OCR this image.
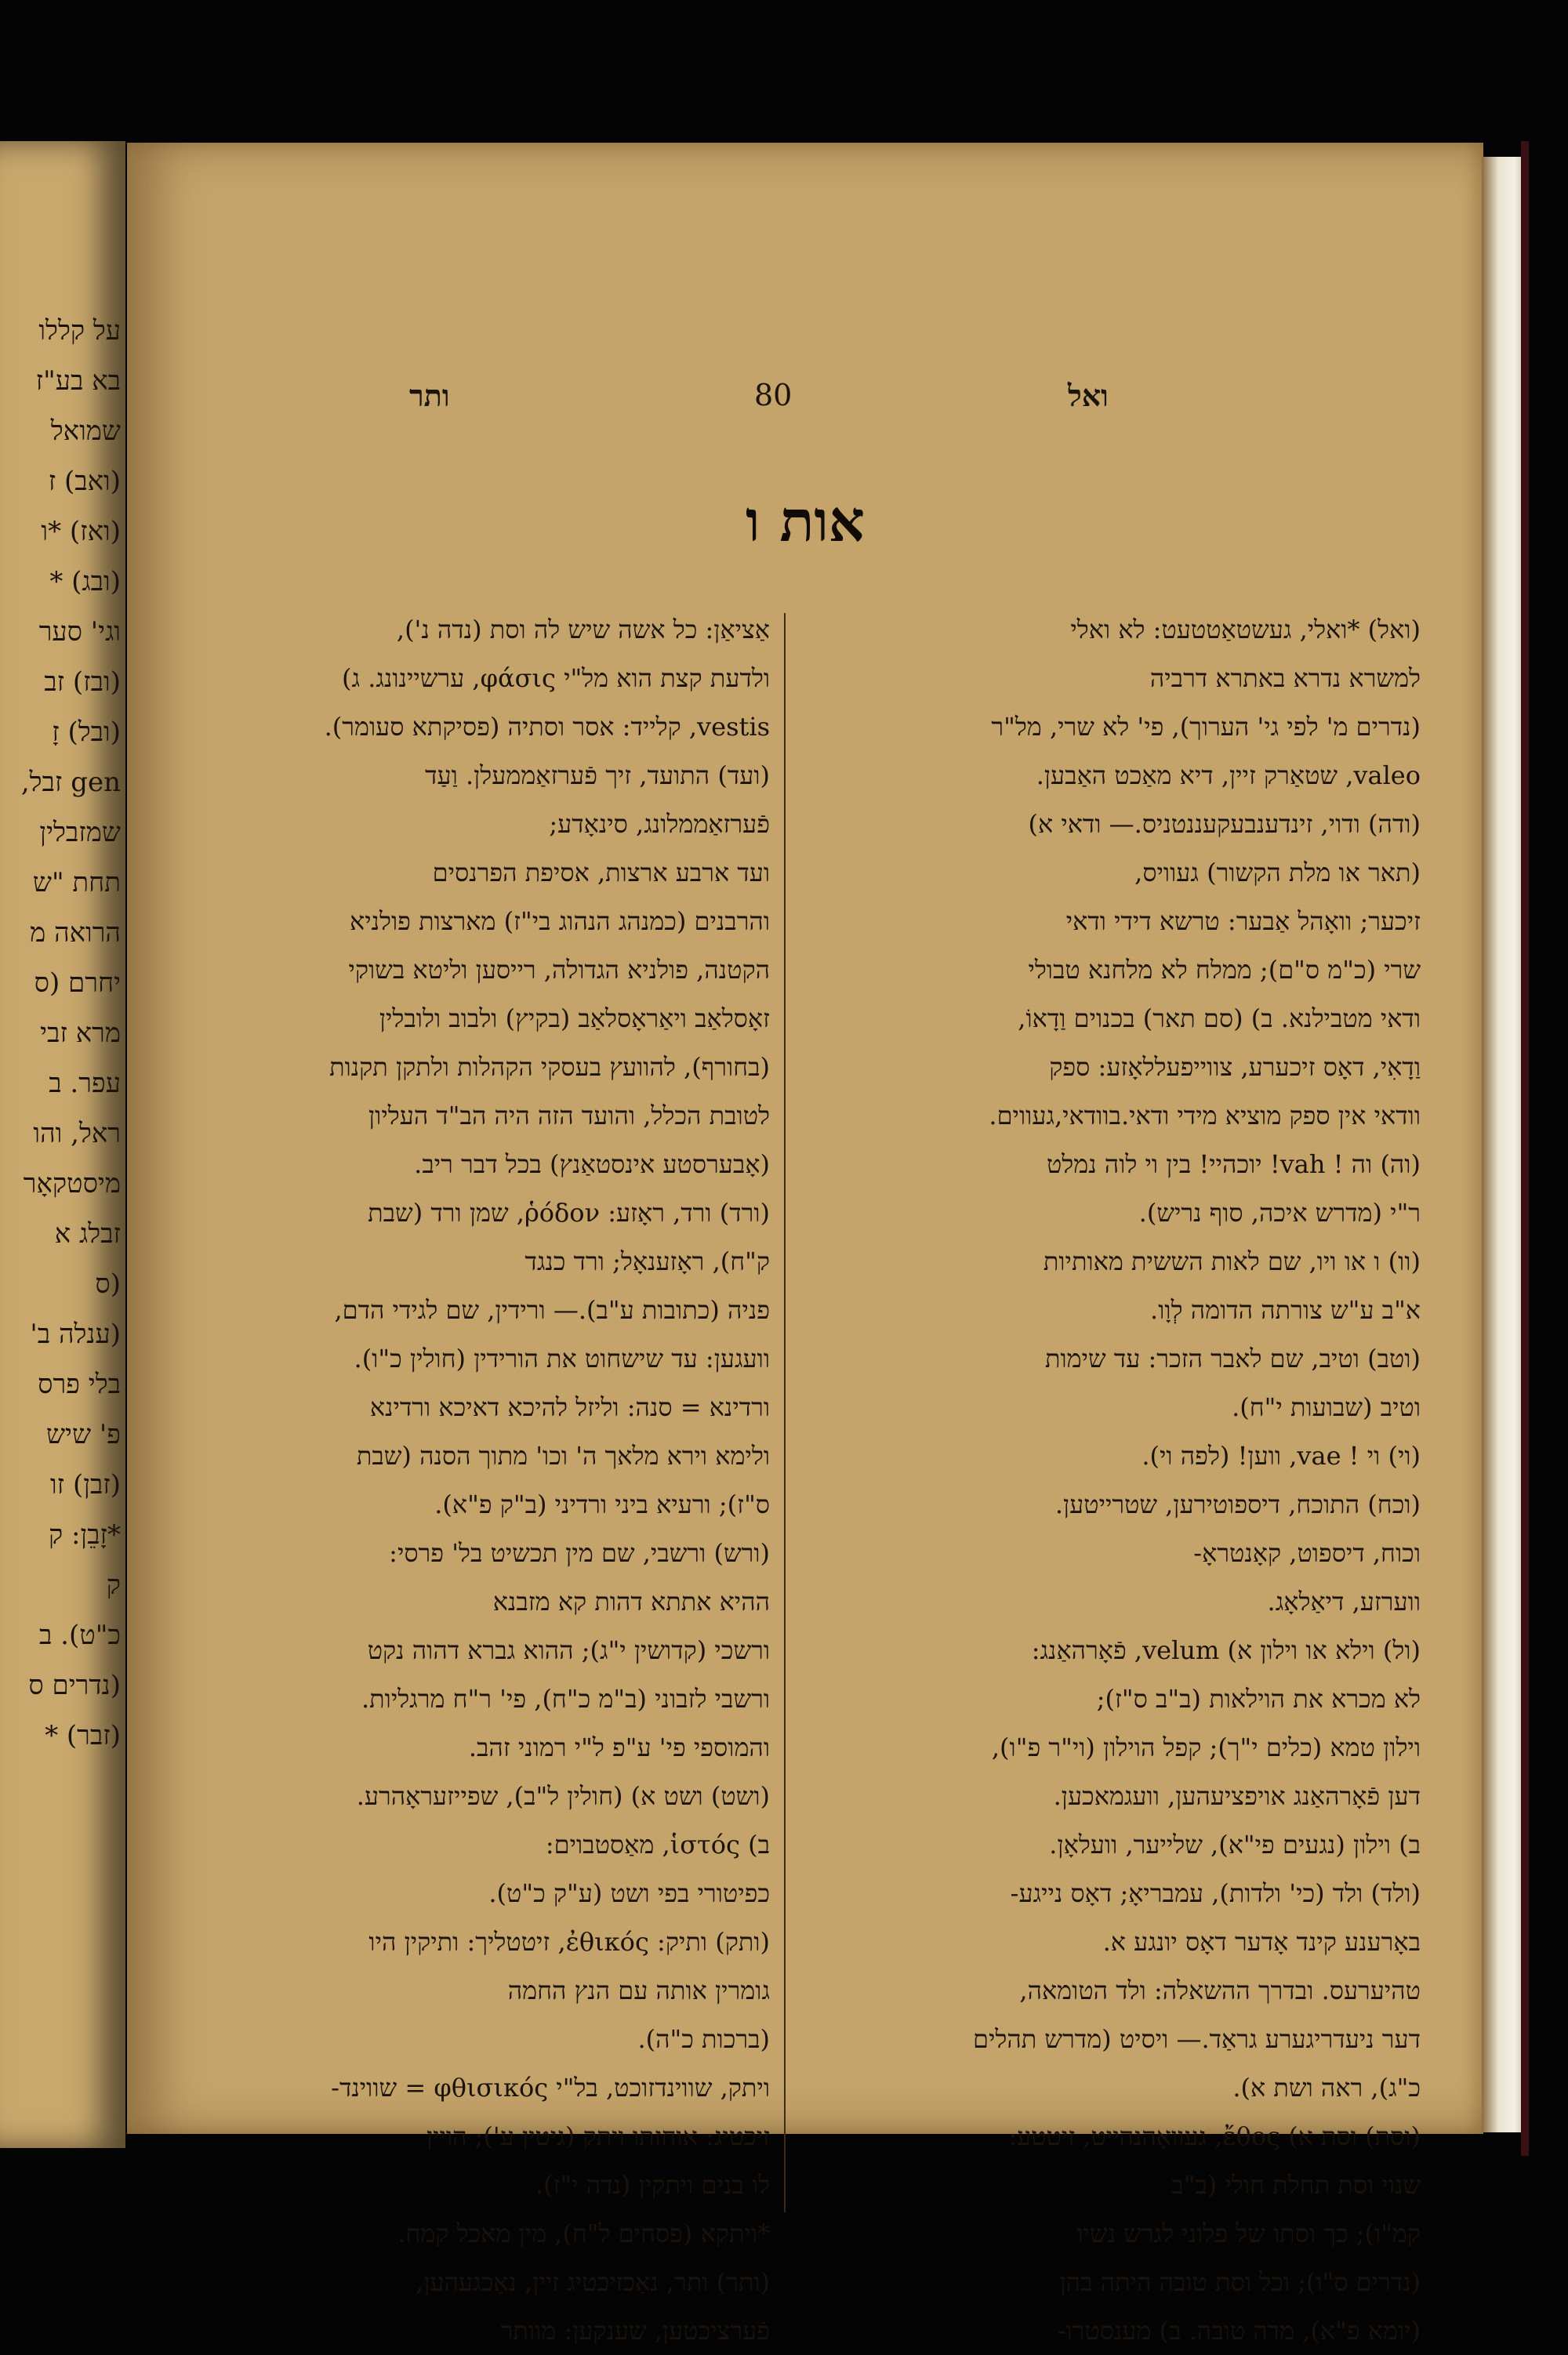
על קללו
בא בע"ז
שמואל
(ואב) ז
(ואז) *ו
(ובג) *
וגי' סער
(ובז) זב
(ובל) זָ
gen זבל,
שמזבלין
תחת "ש
הרואה מ
יחרם (ס
מרא זבי
עפר. ב
ראל, והו
מיסטקאָר
זבלג א
(ס
(ענלה ב'
בלי פרס
פ' שיש
(זבן) זו
*זָבֵן: ק
ק
כ"ט). ב
(נדרים ס
(זבר) *
ותר	80	ואל
אות ו

(ואל) *ואלי, געשטאַטטעט: לא ואלי

למשרא נדרא באתרא דרביה

(נדרים מ' לפי גי' הערוך), פי' לא שרי, מל"ר

valeo, שטאַרק זיין, דיא מאַכט האַבען.

(ודה) ודוי, זינדענבעקעננטניס.— ודאי א)

(תאר או מלת הקשור) געוויס,

זיכער; וואָהל אַבער: טרשא דידי ודאי

שרי (כ"מ ס"ם); ממלח לא מלחנא טבולי

ודאי מטבילנא. ב) (סם תאר) בכנוים וַדָאוֹ,

וַדָאִי, דאָס זיכערע, צווייפעללאָזע: ספק

וודאי אין ספק מוציא מידי ודאי.בוודאי,געווים.

(וה) וה ! vah! יוכהיי! בין וי לוה נמלט

ר"י (מדרש איכה, סוף נריש).

(וו) ו או ויו, שם לאות הששית מאותיות

א"ב ע"ש צורתה הדומה לְוָו.

(וטב) וטיב, שם לאבר הזכר: עד שימות

וטיב (שבועות י"ח).

(וי) וי ! vae, ווען! (לפה וי).

(וכח) התוכח, דיספוטירען, שטרייטען.

וכוח, דיספוט, קאָנטראָ-

ווערזע, דיאַלאָג.

(ול) וילא או וילון א) velum, פֿאָרהאַנג:

לא מכרא את הוילאות (ב"ב ס"ז);

וילון טמא (כלים י"ך); קפל הוילון (וי"ר פ"ו),

דען פֿאָרהאַנג אויפציעהען, וועגמאכען.

ב) וילון (נגעים פי"א), שלייער, וועלאָן.

(ולד) ולד (כי' ולדות), עמבריאָ; דאָס נייגע-

באָרענע קינד אָדער דאָס יונגע א.

טהיערעס. ובדרך ההשאלה: ולד הטומאה,

דער ניעדריגערע גראַד.— ויסיט (מדרש תהלים

כ"ג), ראה ושת א).

(וסת) וסת א) ἔθος, געוואָהנהייט, זיטטע:

שנוי וסת תחלת חולי (ב"ב

קמ"ו); כך וסתו של פלוני לגרש נשיו

(נדרים ס"ו); וכל וסת טובה היתה בהן

(יומא פ"א), מדה טובה. ב) מענסטרו-

אַציאַן: כל אשה שיש לה וסת (נדה נ'),

ולדעת קצת הוא מל"י φάσις, ערשיינונג. ג)

vestis, קלייד: אסר וסתיה (פסיקתא סעומר).

(ועד) התועד, זיך פֿערזאַממעלן. וַעַד

פֿערזאַממלונג, סינאָדע;

ועד ארבע ארצות, אסיפת הפרנסים

והרבנים (כמנהג הנהוג בי"ז) מארצות פולניא

הקטנה, פולניא הגדולה, רייסען וליטא בשוקי

זאָסלאַב ויאַראָסלאַב (בקיץ) ולבוב ולובלין

(בחורף), להוועץ בעסקי הקהלות ולתקן תקנות

לטובת הכלל, והועד הזה היה הב"ד העליון

(אָבערסטע אינסטאַנץ) בכל דבר ריב.

(ורד) ורד, ראָזע: ῥόδον, שמן ורד (שבת

ק"ח), ראָזענאָל; ורד כנגד

פניה (כתובות ע"ב).— ורידין, שם לגידי הדם,

וועגען: עד שישחוט את הורידין (חולין כ"ו).

ורדינא = סנה: וליזל להיכא דאיכא ורדינא

ולימא וירא מלאך ה' וכו' מתוך הסנה (שבת

ס"ז); ורעיא ביני ורדיני (ב"ק פ"א).

(ורש) ורשבי, שם מין תכשיט בל' פרסי:

ההיא אתתא דהות קא מזבנא

ורשכי (קדושין י"ג); ההוא גברא דהוה נקט

ורשבי לזבוני (ב"מ כ"ח), פי' ר"ח מרגליות.

והמוספי פי' ע"פ ל"י רמוני זהב.

(ושט) ושט א) (חולין ל"ב), שפייזעראָהרע.

ב) ἱστός, מאַסטבוים:

כפיטורי בפי ושט (ע"ק כ"ט).

(ותק) ותיק: ἐθικός, זיטטליך: ותיקין היו

גומרין אותה עם הנץ החמה

(ברכות כ"ה).

ויתק, שווינדזוכט, בל"י φθισικός = שווינד-

זיכטיג: אוחזתו ויתק (גיטין ע'); הויין

לו בנים ויתקין (נדה י"ז).

*ויתקא (פסחים ל"ח), מין מאכל קמח.

(ותר) ותר, נאַכזיכטיג זיין, נאַכגעהען,

פֿערציכטען, שענקען: מוותר
